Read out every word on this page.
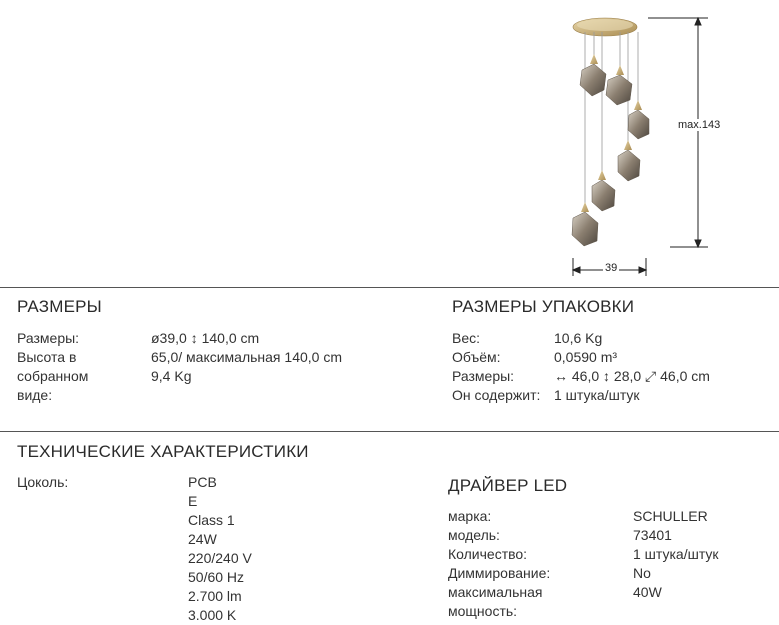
max.143
39
РАЗМЕРЫ
Размеры:
Высота в собранном виде:
ø39,0 ↕ 140,0 cm
65,0/ максимальная 140,0 cm
9,4 Kg
РАЗМЕРЫ УПАКОВКИ
Вес:
Объём:
Размеры:
Он содержит:
10,6 Kg
0,0590 m³
↔ 46,0 ↕ 28,0 ⤢ 46,0 cm
1 штука/штук
ТЕХНИЧЕСКИЕ ХАРАКТЕРИСТИКИ
Цоколь:	PCB
E
Class 1
24W
220/240 V
50/60 Hz
2.700 lm
3.000 K
ДРАЙВЕР LED
марка:
модель:
Количество:
Диммирование:
максимальная мощность:
SCHULLER
73401
1 штука/штук
No
40W
